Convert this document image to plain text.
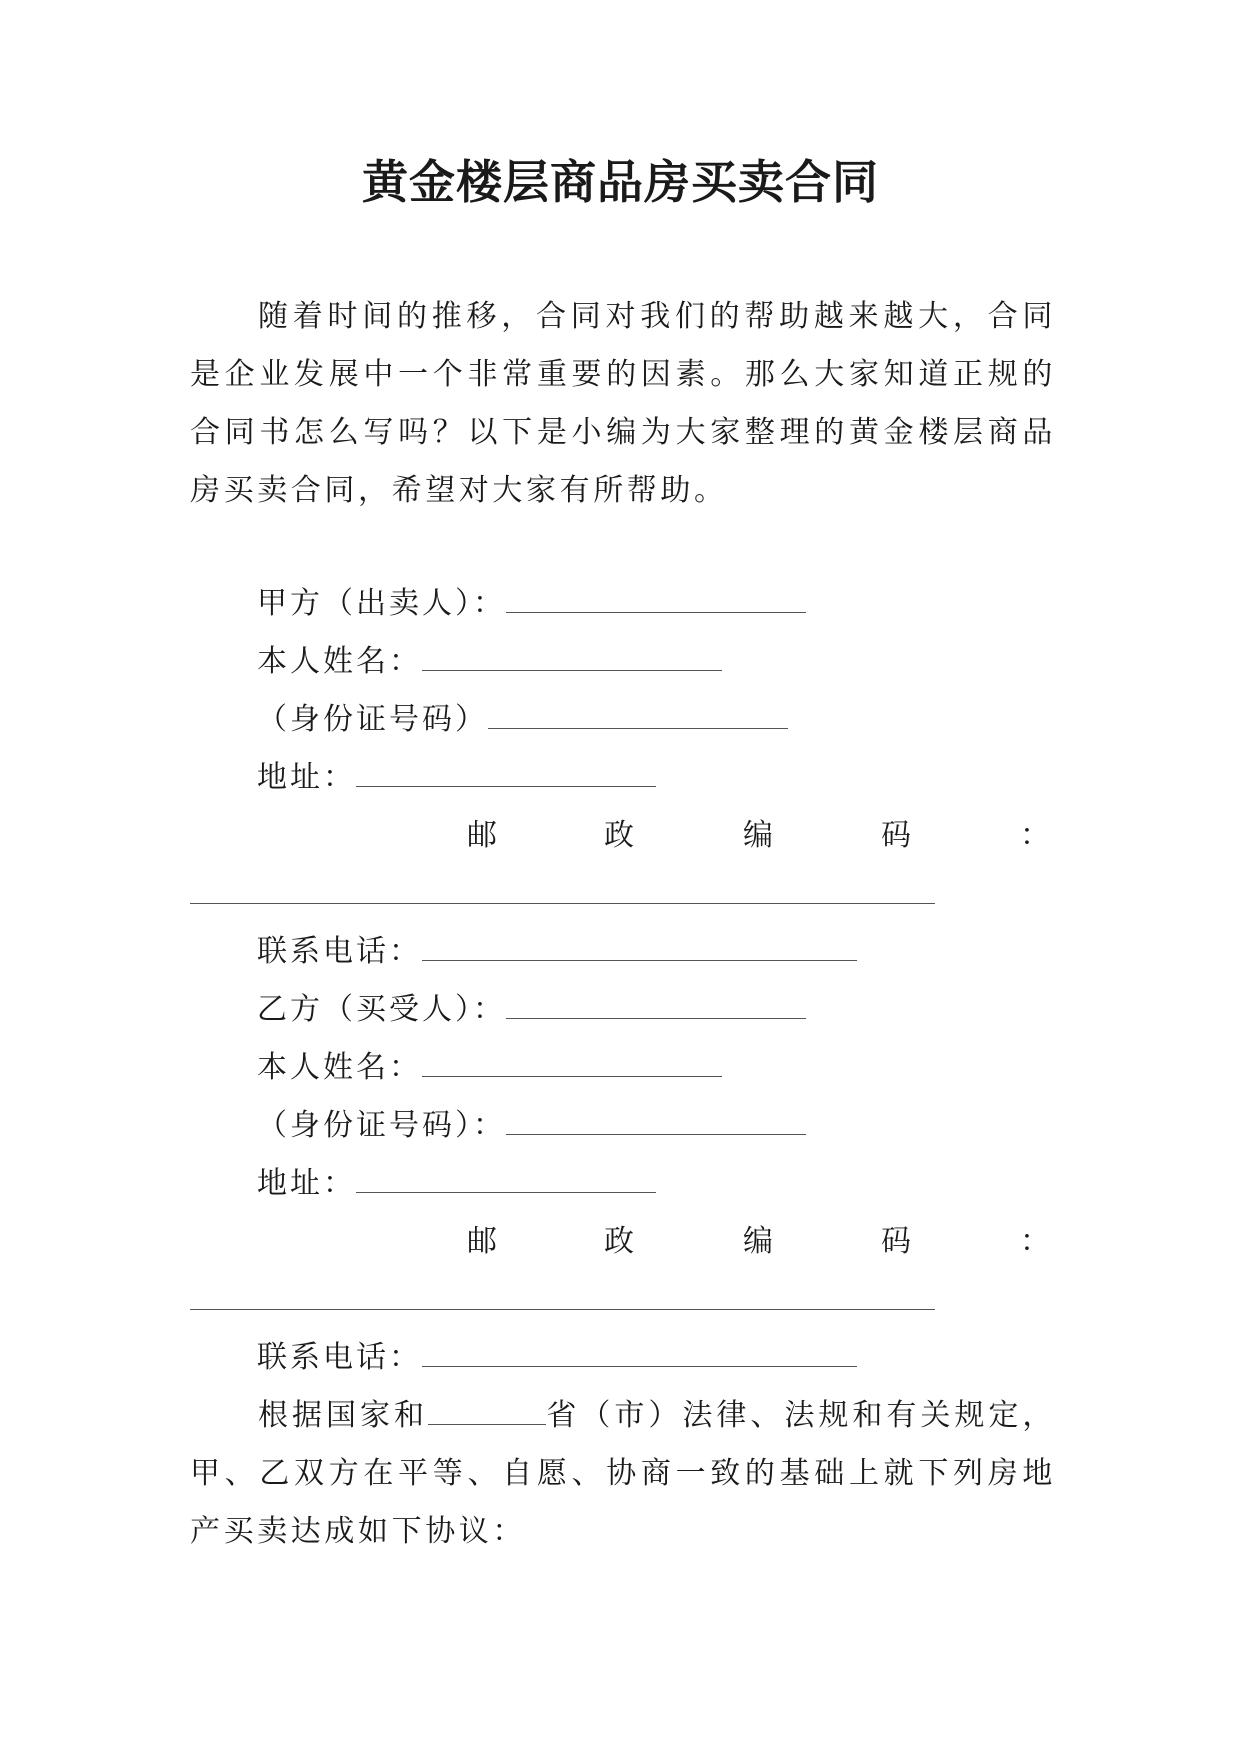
黄金楼层商品房买卖合同

随着时间的推移，合同对我们的帮助越来越大，合同是企业发展中一个非常重要的因素。那么大家知道正规的合同书怎么写吗？以下是小编为大家整理的黄金楼层商品房买卖合同，希望对大家有所帮助。

甲方（出卖人）：
本人姓名：
（身份证号码）
地址：
邮	政	编	码	：
联系电话：
乙方（买受人）：
本人姓名：
（身份证号码）：
地址：
邮	政	编	码	：
联系电话：

根据国家和	省（市）法律、法规和有关规定，甲、乙双方在平等、自愿、协商一致的基础上就下列房地产买卖达成如下协议：
